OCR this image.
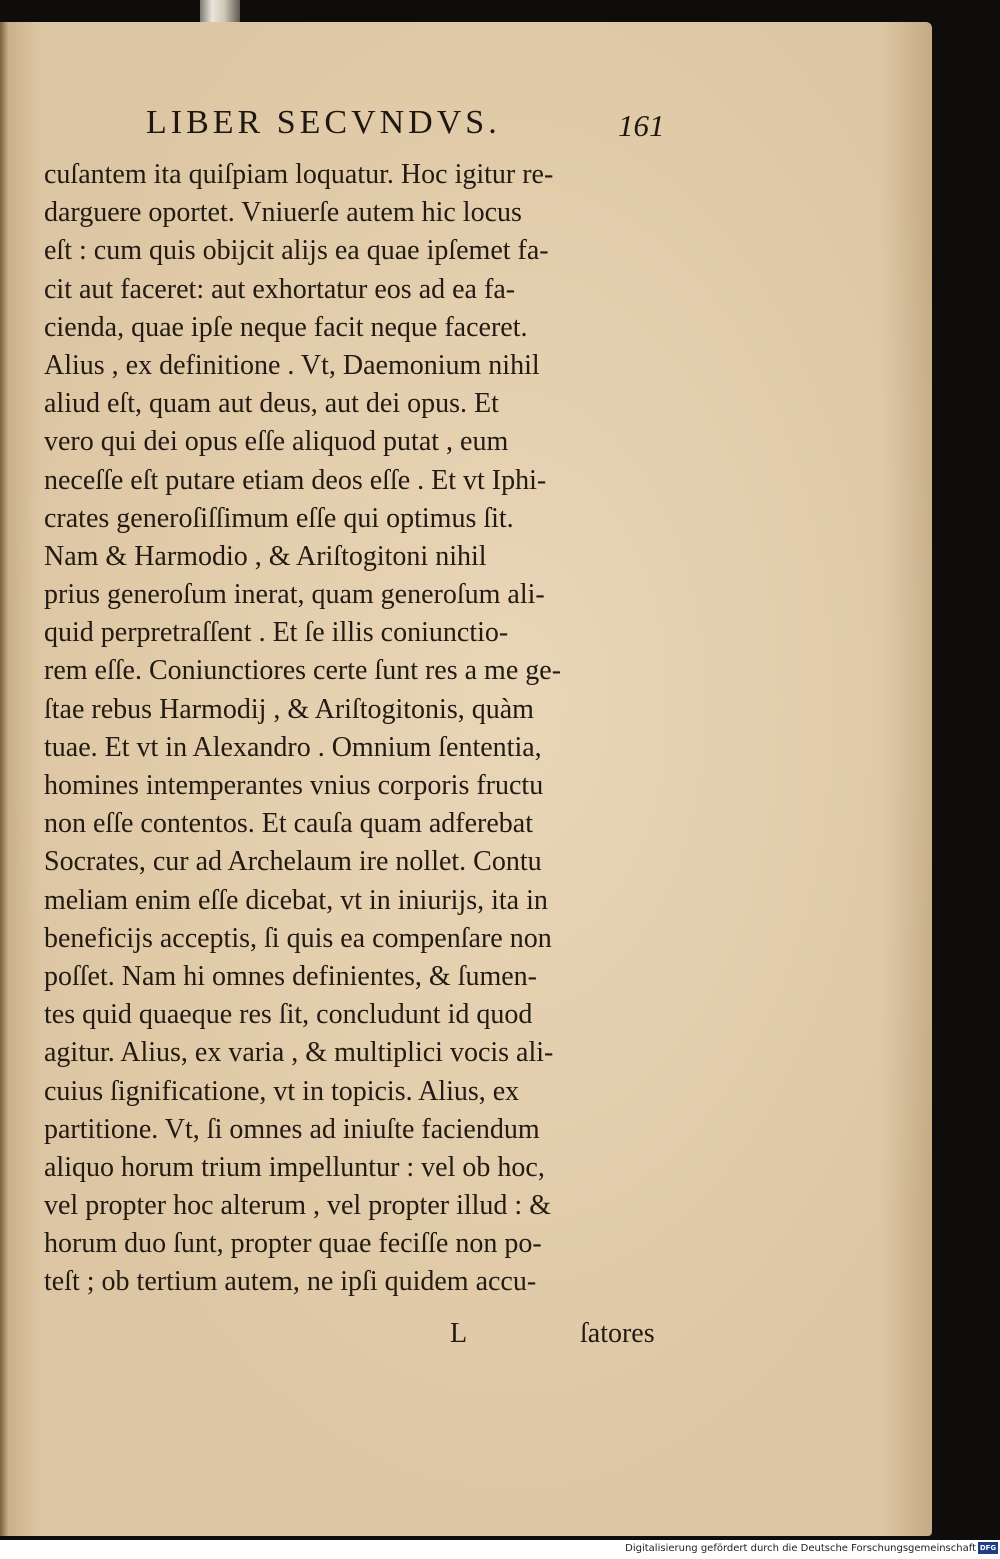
LIBER SECVNDVS.	161
cuſantem ita quiſpiam loquatur. Hoc igitur re-
darguere oportet. Vniuerſe autem hic locus
eſt : cum quis obijcit alijs ea quae ipſemet fa-
cit aut faceret: aut exhortatur eos ad ea fa-
cienda, quae ipſe neque facit neque faceret.
Alius , ex definitione . Vt, Daemonium nihil
aliud eſt, quam aut deus, aut dei opus. Et
vero qui dei opus eſſe aliquod putat , eum
neceſſe eſt putare etiam deos eſſe . Et vt Iphi-
crates generoſiſſimum eſſe qui optimus ſit.
Nam & Harmodio , & Ariſtogitoni nihil
prius generoſum inerat, quam generoſum ali-
quid perpretraſſent . Et ſe illis coniunctio-
rem eſſe. Coniunctiores certe ſunt res a me ge-
ſtae rebus Harmodij , & Ariſtogitonis, quàm
tuae. Et vt in Alexandro . Omnium ſententia,
homines intemperantes vnius corporis fructu
non eſſe contentos. Et cauſa quam adferebat
Socrates, cur ad Archelaum ire nollet. Contu
meliam enim eſſe dicebat, vt in iniurijs, ita in
beneficijs acceptis, ſi quis ea compenſare non
poſſet. Nam hi omnes definientes, & ſumen-
tes quid quaeque res ſit, concludunt id quod
agitur. Alius, ex varia , & multiplici vocis ali-
cuius ſignificatione, vt in topicis. Alius, ex
partitione. Vt, ſi omnes ad iniuſte faciendum
aliquo horum trium impelluntur : vel ob hoc,
vel propter hoc alterum , vel propter illud : &
horum duo ſunt, propter quae feciſſe non po-
teſt ; ob tertium autem, ne ipſi quidem accu-
L	ſatores
Digitalisierung gefördert durch die Deutsche Forschungsgemeinschaft DFG
